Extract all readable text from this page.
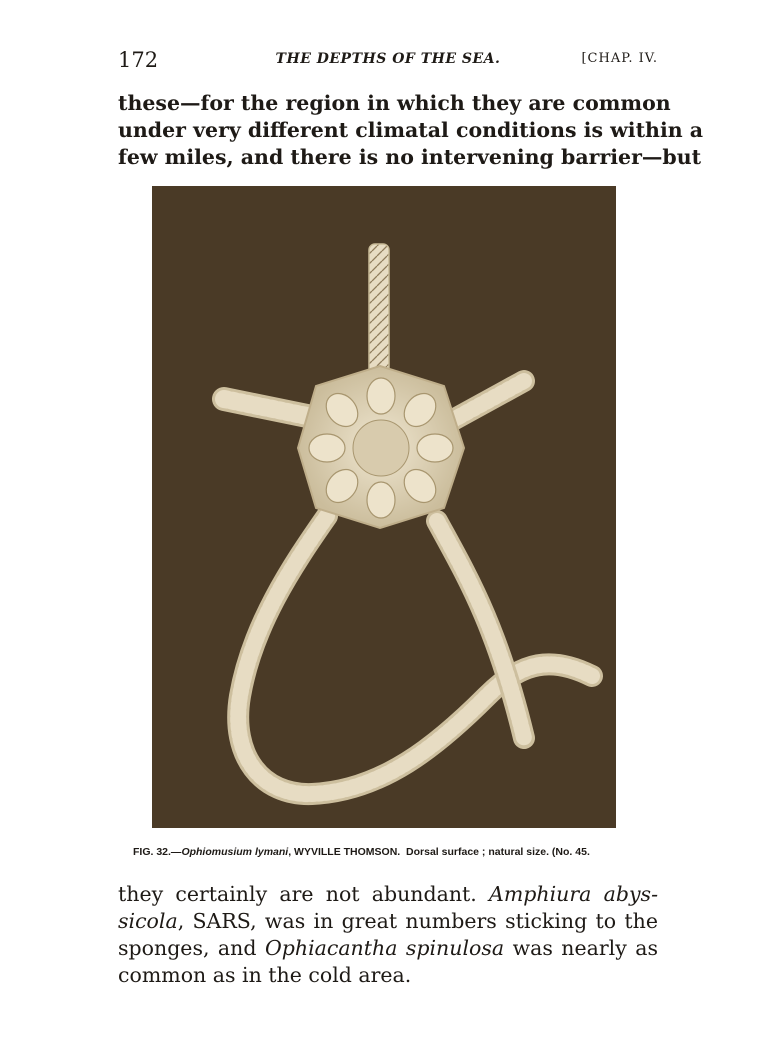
172	THE DEPTHS OF THE SEA.	[CHAP. IV.
these—for the region in which they are common
under very different climatal conditions is within a
few miles, and there is no intervening barrier—but
FIG. 32.—Ophiomusium lymani, WYVILLE THOMSON. Dorsal surface ; natural size. (No. 45.
they certainly are not abundant. Amphiura abys-
sicola, SARS, was in great numbers sticking to the
sponges, and Ophiacantha spinulosa was nearly as
common as in the cold area.
